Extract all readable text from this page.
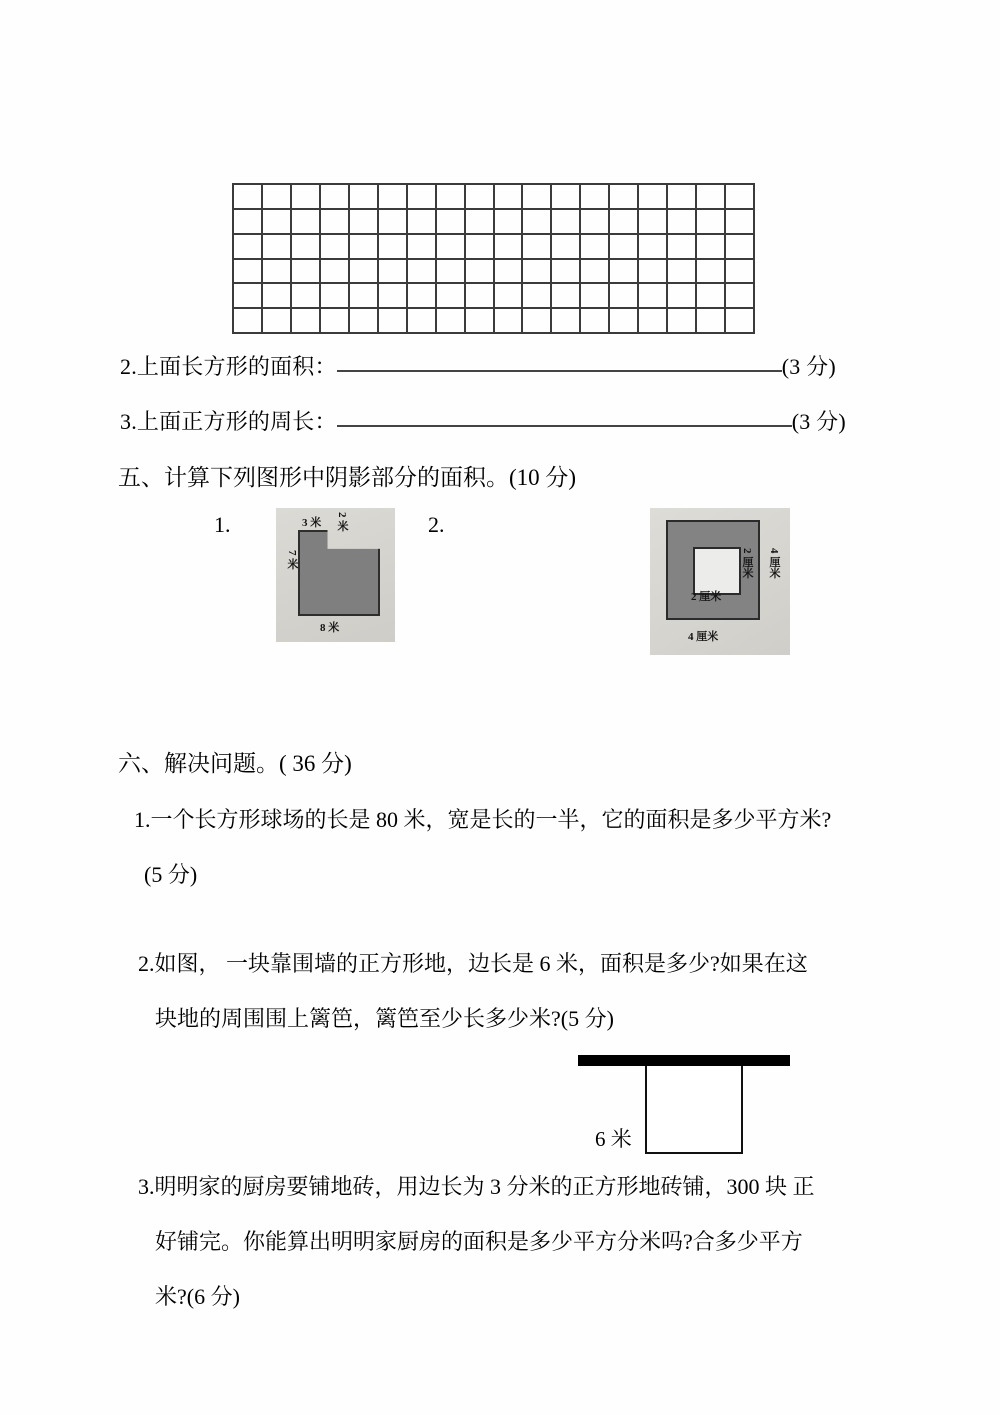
2.上面长方形的面积：	(3 分)
3.上面正方形的周长：	(3 分)
五、计算下列图形中阴影部分的面积。(10 分)
1.	3 米 2 米
7 米
8 米
2.
2 厘米
2 厘米 4 厘米
4 厘米
六、解决问题。( 36 分)
1.一个长方形球场的长是 80 米，宽是长的一半，它的面积是多少平方米?
(5 分)
2.如图， 一块靠围墙的正方形地，边长是 6 米，面积是多少?如果在这
块地的周围围上篱笆，篱笆至少长多少米?(5 分)
6 米
3.明明家的厨房要铺地砖，用边长为 3 分米的正方形地砖铺，300 块 正
好铺完。你能算出明明家厨房的面积是多少平方分米吗?合多少平方
米?(6 分)
